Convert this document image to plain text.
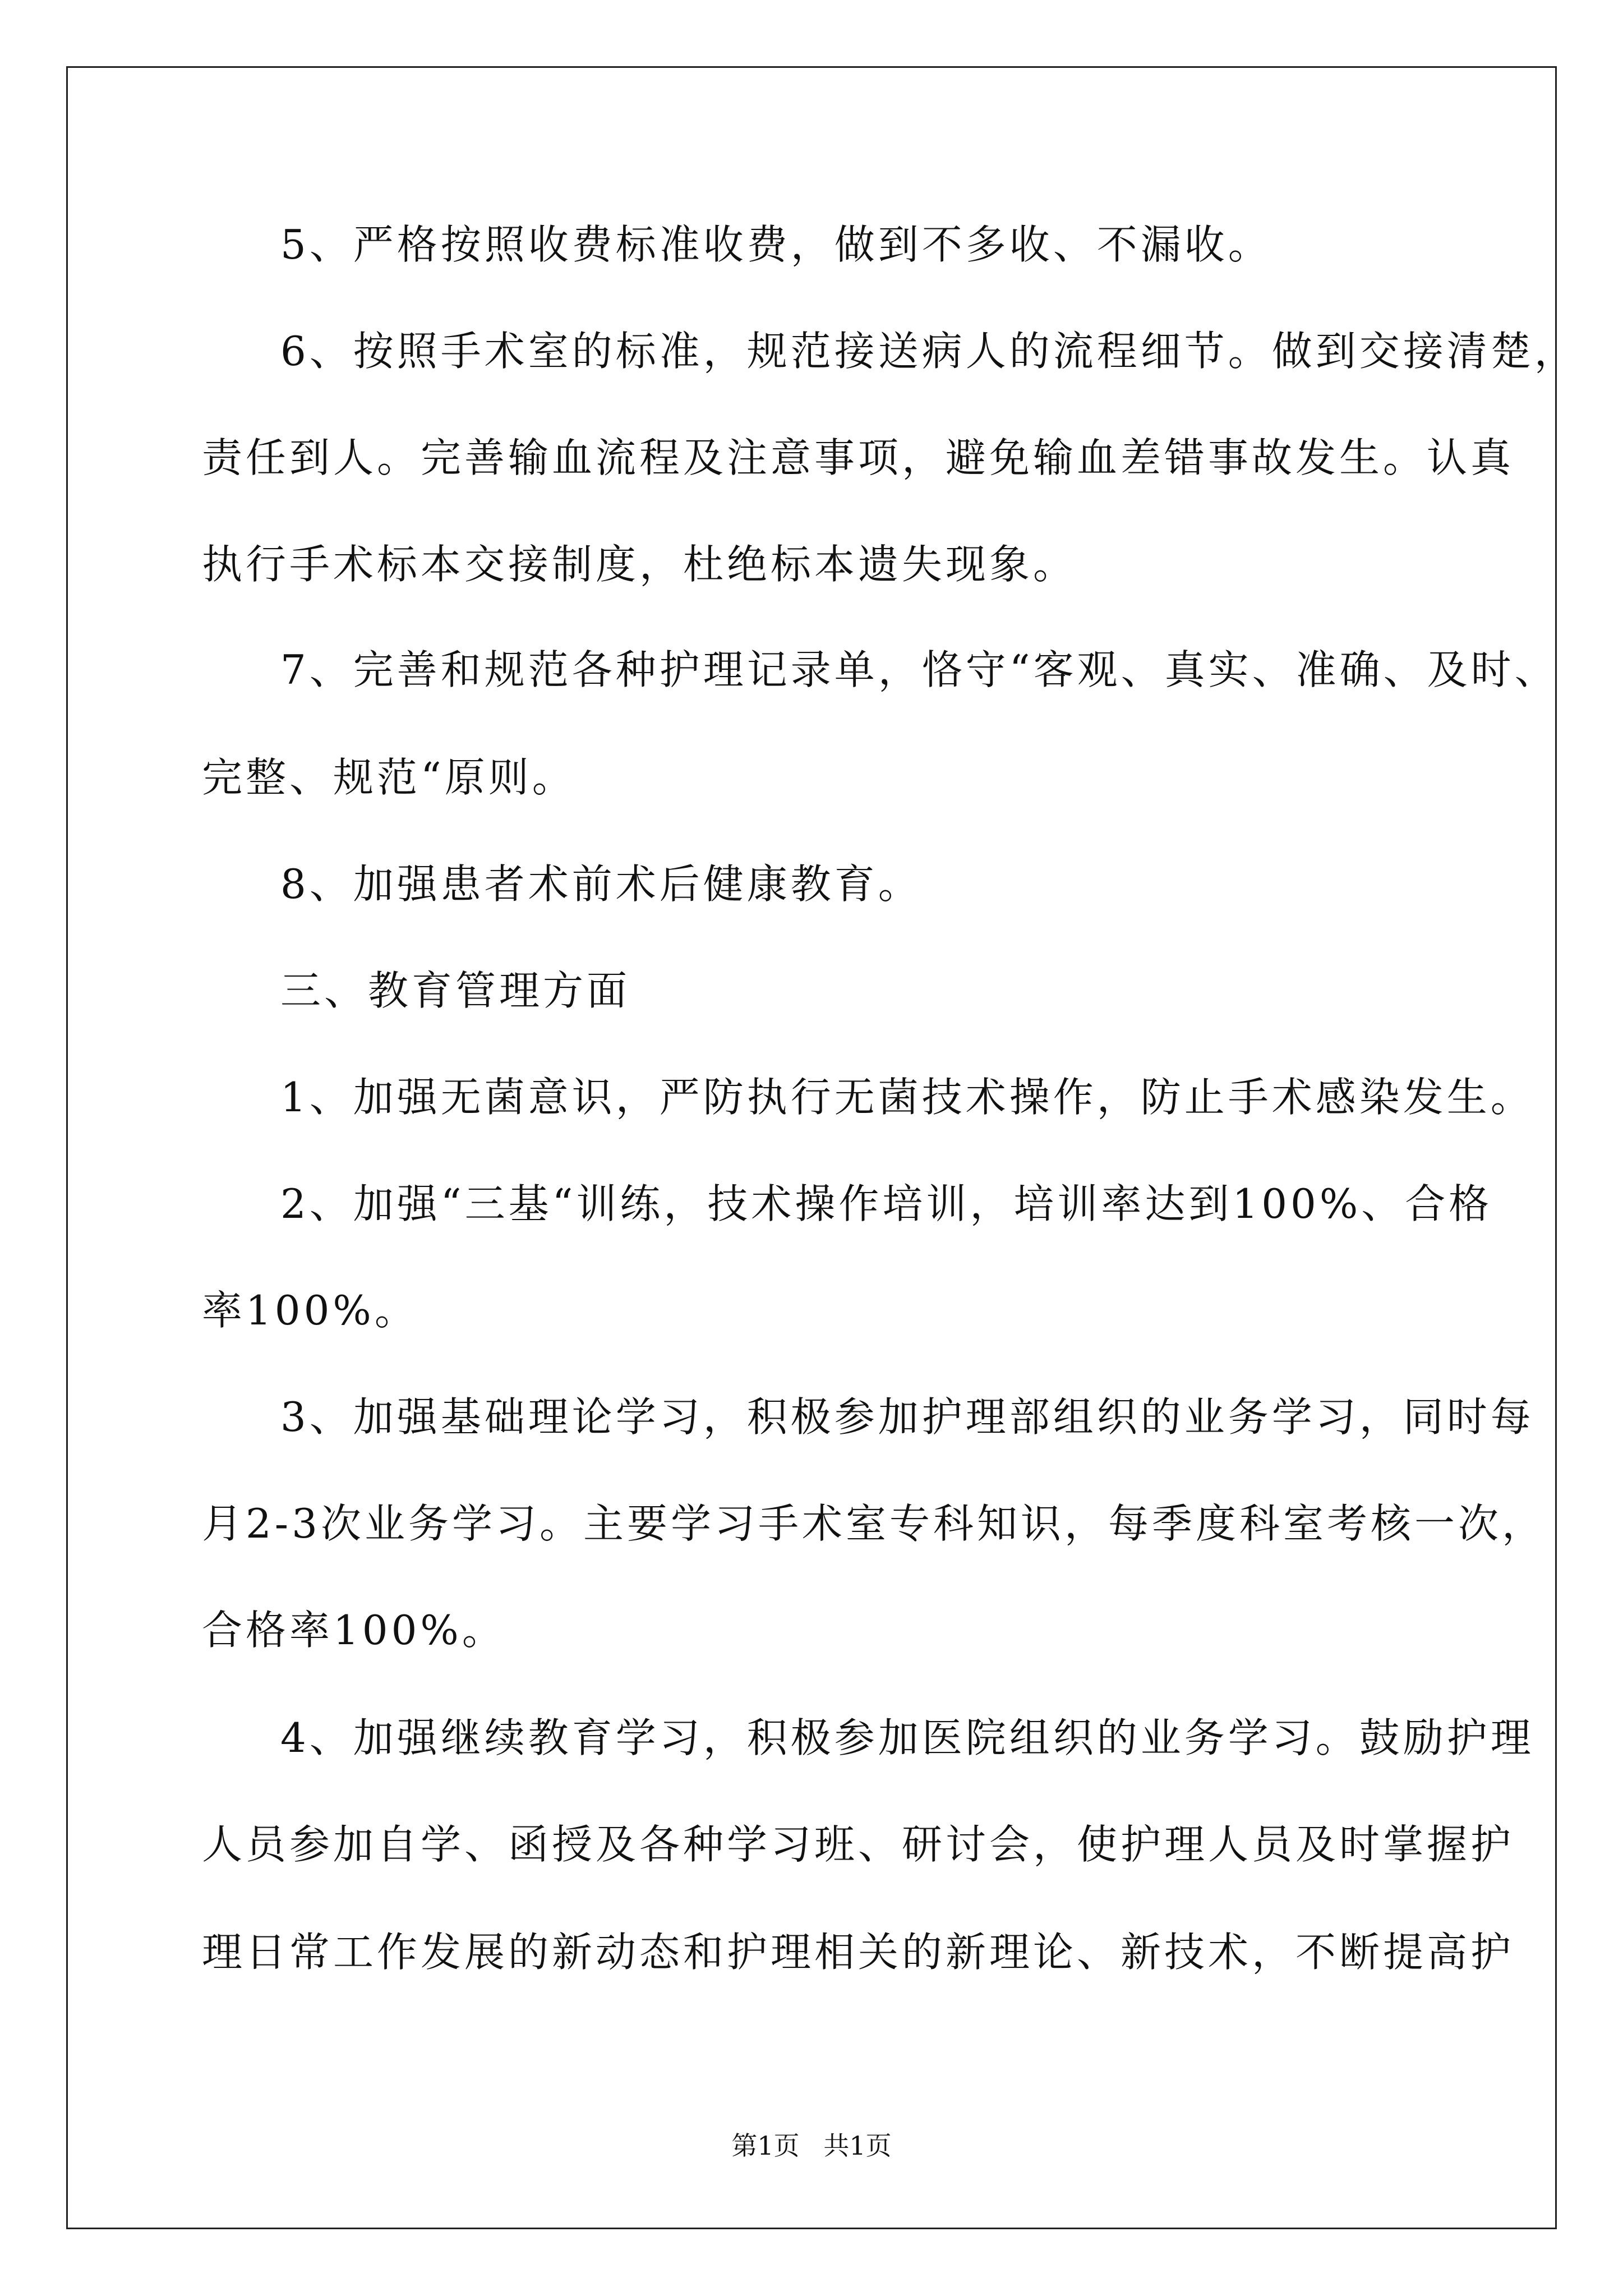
5、严格按照收费标准收费，做到不多收、不漏收。
6、按照手术室的标准，规范接送病人的流程细节。做到交接清楚，
责任到人。完善输血流程及注意事项，避免输血差错事故发生。认真
执行手术标本交接制度，杜绝标本遗失现象。
7、完善和规范各种护理记录单，恪守“客观、真实、准确、及时、
完整、规范“原则。
8、加强患者术前术后健康教育。
三、教育管理方面
1、加强无菌意识，严防执行无菌技术操作，防止手术感染发生。
2、加强“三基“训练，技术操作培训，培训率达到100%、合格
率100%。
3、加强基础理论学习，积极参加护理部组织的业务学习，同时每
月2-3次业务学习。主要学习手术室专科知识，每季度科室考核一次，
合格率100%。
4、加强继续教育学习，积极参加医院组织的业务学习。鼓励护理
人员参加自学、函授及各种学习班、研讨会，使护理人员及时掌握护
理日常工作发展的新动态和护理相关的新理论、新技术，不断提高护
第1页 共1页
